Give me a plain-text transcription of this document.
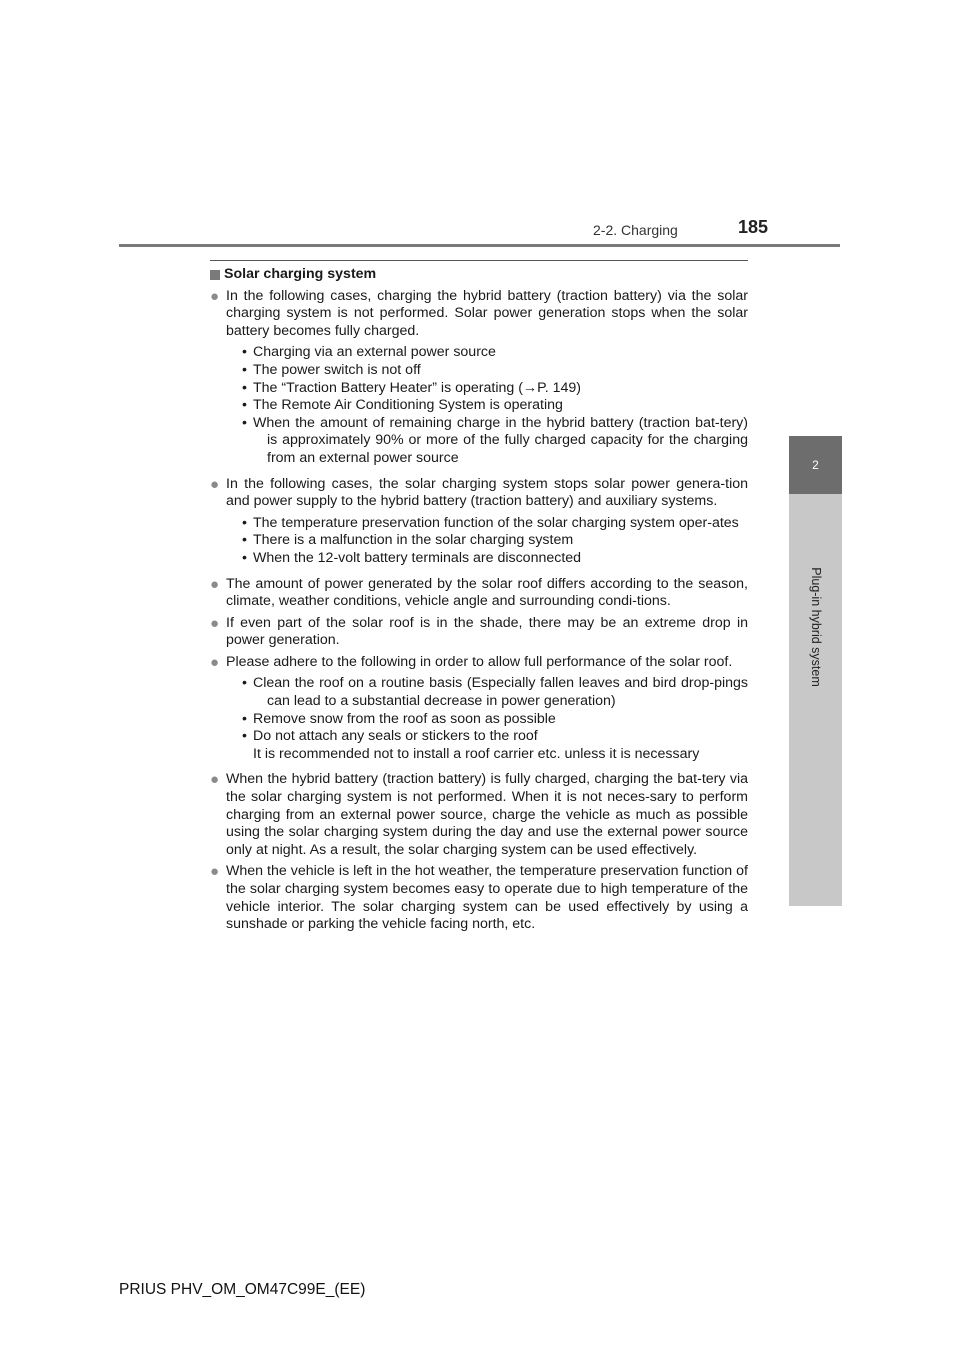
2-2. Charging	185
2
Plug-in hybrid system
Solar charging system
● In the following cases, charging the hybrid battery (traction battery) via the solar charging system is not performed. Solar power generation stops when the solar battery becomes fully charged.
• Charging via an external power source
• The power switch is not off
• The “Traction Battery Heater” is operating (→P. 149)
• The Remote Air Conditioning System is operating
• When the amount of remaining charge in the hybrid battery (traction bat-tery) is approximately 90% or more of the fully charged capacity for the charging from an external power source
● In the following cases, the solar charging system stops solar power genera-tion and power supply to the hybrid battery (traction battery) and auxiliary systems.
• The temperature preservation function of the solar charging system oper-ates
• There is a malfunction in the solar charging system
• When the 12-volt battery terminals are disconnected
● The amount of power generated by the solar roof differs according to the season, climate, weather conditions, vehicle angle and surrounding condi-tions.
● If even part of the solar roof is in the shade, there may be an extreme drop in power generation.
● Please adhere to the following in order to allow full performance of the solar roof.
• Clean the roof on a routine basis (Especially fallen leaves and bird drop-pings can lead to a substantial decrease in power generation)
• Remove snow from the roof as soon as possible
• Do not attach any seals or stickers to the roof
It is recommended not to install a roof carrier etc. unless it is necessary
● When the hybrid battery (traction battery) is fully charged, charging the bat-tery via the solar charging system is not performed. When it is not neces-sary to perform charging from an external power source, charge the vehicle as much as possible using the solar charging system during the day and use the external power source only at night. As a result, the solar charging system can be used effectively.
● When the vehicle is left in the hot weather, the temperature preservation function of the solar charging system becomes easy to operate due to high temperature of the vehicle interior. The solar charging system can be used effectively by using a sunshade or parking the vehicle facing north, etc.
PRIUS PHV_OM_OM47C99E_(EE)
